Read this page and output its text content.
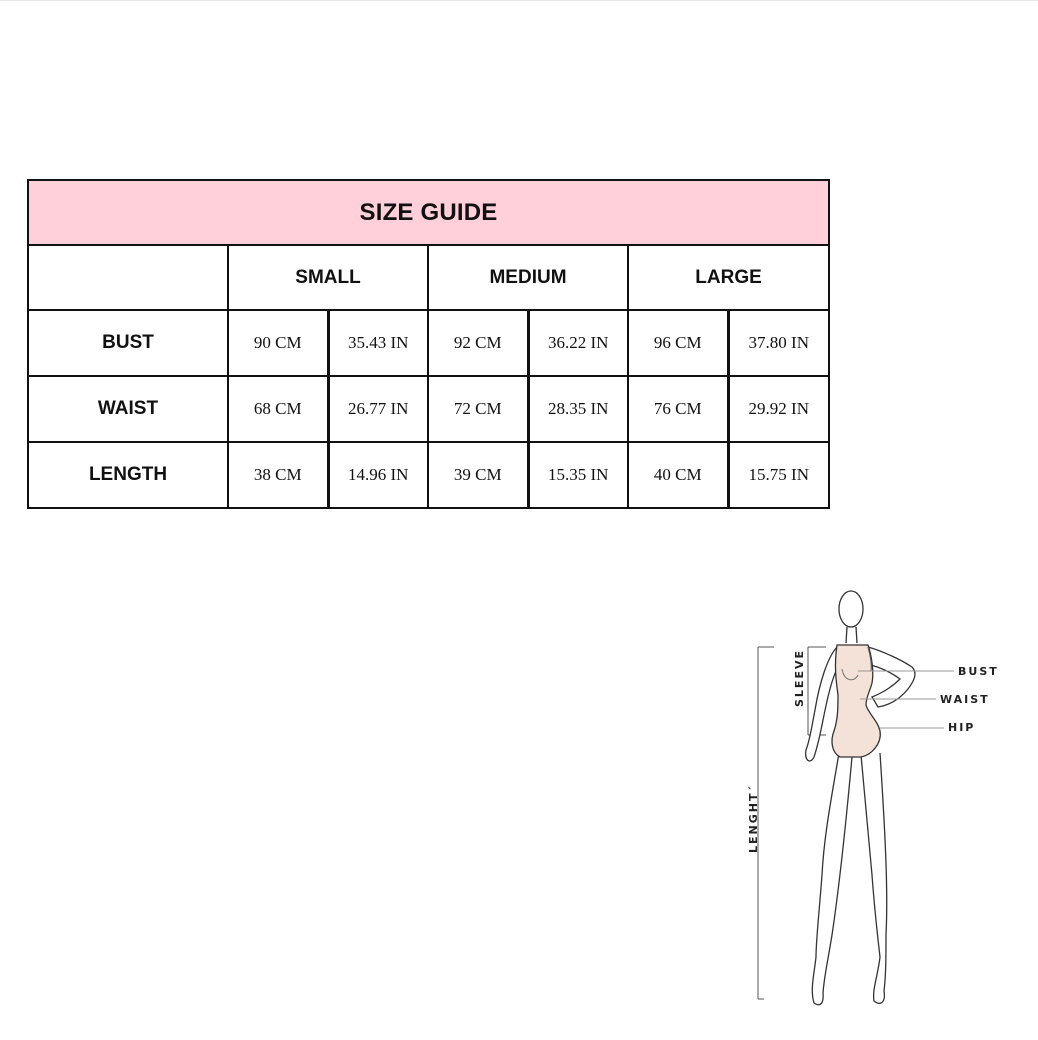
SIZE GUIDE						
	SMALL		MEDIUM		LARGE	
BUST	90 CM	35.43 IN	92 CM	36.22 IN	96 CM	37.80 IN
WAIST	68 CM	26.77 IN	72 CM	28.35 IN	76 CM	29.92 IN
LENGTH	38 CM	14.96 IN	39 CM	15.35 IN	40 CM	15.75 IN
BUST
WAIST
HIP
SLEEVE
LENGHT´
